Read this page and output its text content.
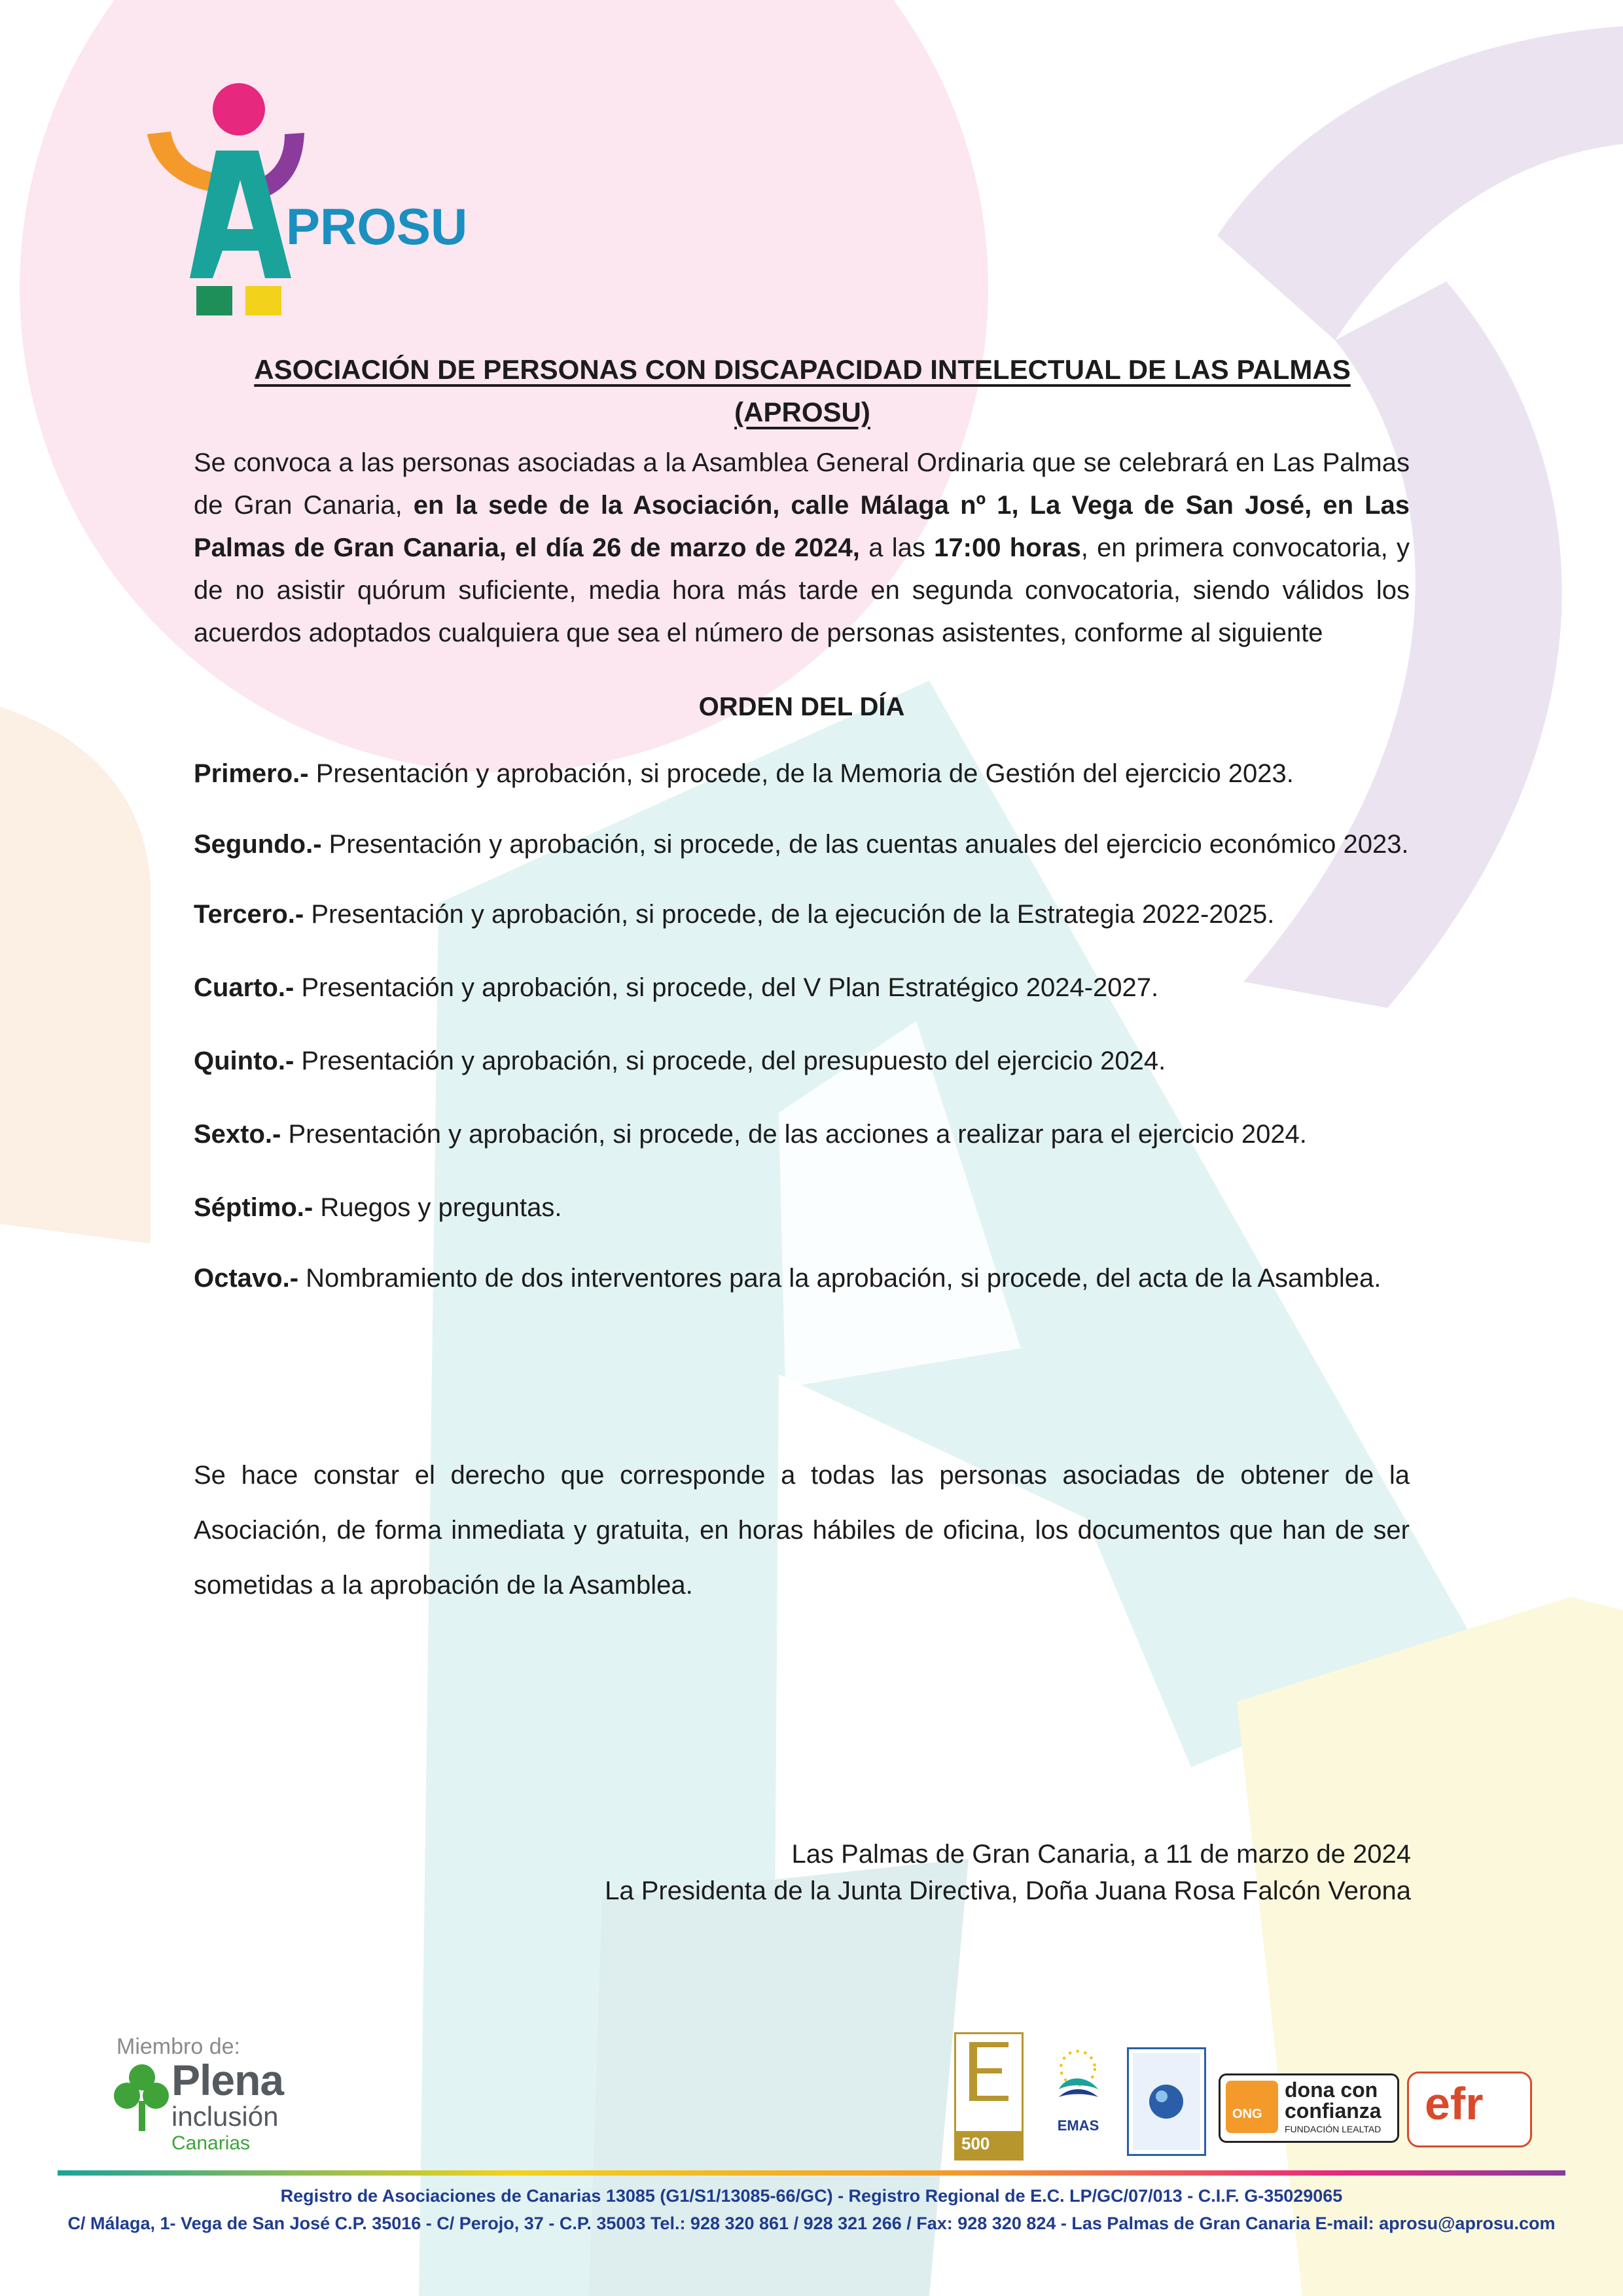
PROSU
ASOCIACIÓN DE PERSONAS CON DISCAPACIDAD INTELECTUAL DE LAS PALMAS (APROSU)
Se convoca a las personas asociadas a la Asamblea General Ordinaria que se celebrará en Las Palmas de Gran Canaria, en la sede de la Asociación, calle Málaga nº 1, La Vega de San José, en Las Palmas de Gran Canaria, el día 26 de marzo de 2024, a las 17:00 horas, en primera convocatoria, y de no asistir quórum suficiente, media hora más tarde en segunda convocatoria, siendo válidos los acuerdos adoptados cualquiera que sea el número de personas asistentes, conforme al siguiente
ORDEN DEL DÍA

Primero.- Presentación y aprobación, si procede, de la Memoria de Gestión del ejercicio 2023.

Segundo.- Presentación y aprobación, si procede, de las cuentas anuales del ejercicio económico 2023.

Tercero.- Presentación y aprobación, si procede, de la ejecución de la Estrategia 2022-2025.

Cuarto.- Presentación y aprobación, si procede, del V Plan Estratégico 2024-2027.

Quinto.- Presentación y aprobación, si procede, del presupuesto del ejercicio 2024.

Sexto.- Presentación y aprobación, si procede, de las acciones a realizar para el ejercicio 2024.

Séptimo.- Ruegos y preguntas.

Octavo.- Nombramiento de dos interventores para la aprobación, si procede, del acta de la Asamblea.

Se hace constar el derecho que corresponde a todas las personas asociadas de obtener de la Asociación, de forma inmediata y gratuita, en horas hábiles de oficina, los documentos que han de ser sometidas a la aprobación de la Asamblea.
Las Palmas de Gran Canaria, a 11 de marzo de 2024
La Presidenta de la Junta Directiva, Doña Juana Rosa Falcón Verona
Miembro de:
Plena
inclusión
Canarias	500
EMAS
ONG
dona con
confianza
FUNDACIÓN LEALTAD efr
Registro de Asociaciones de Canarias 13085 (G1/S1/13085-66/GC) - Registro Regional de E.C. LP/GC/07/013 - C.I.F. G-35029065
C/ Málaga, 1- Vega de San José C.P. 35016 - C/ Perojo, 37 - C.P. 35003 Tel.: 928 320 861 / 928 321 266 / Fax: 928 320 824 - Las Palmas de Gran Canaria E-mail: aprosu@aprosu.com
